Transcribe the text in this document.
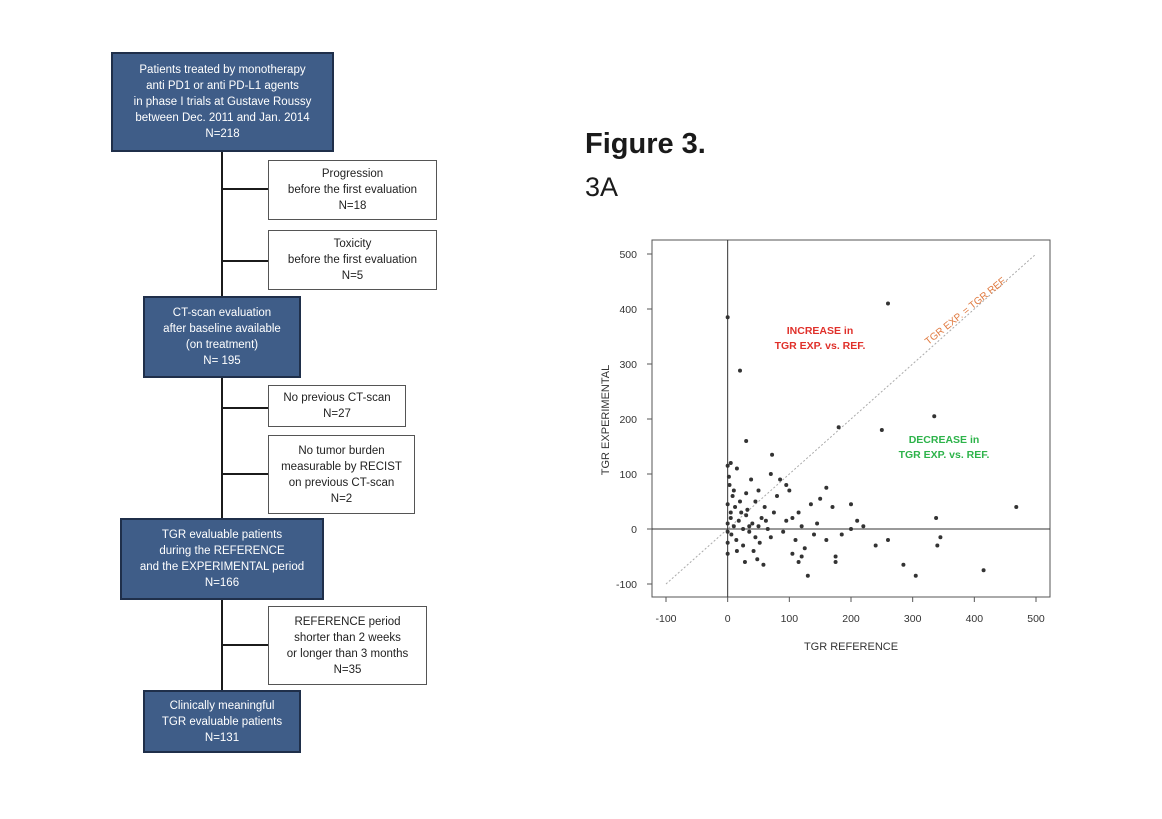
Patients treated by monotherapy
anti PD1 or anti PD-L1 agents
in phase I trials at Gustave Roussy
between Dec. 2011 and Jan. 2014
N=218
CT-scan evaluation
after baseline available
(on treatment)
N= 195
TGR evaluable patients
during the REFERENCE
and the EXPERIMENTAL period
N=166
Clinically meaningful
TGR evaluable patients
N=131
Progression
before the first evaluation
N=18
Toxicity
before the first evaluation
N=5
No previous CT-scan
N=27
No tumor burden
measurable by RECIST
on previous CT-scan
N=2
REFERENCE period
shorter than 2 weeks
or longer than 3 months
N=35
Figure 3.
3A
-100	0	100	200	300	400	500
-100
0
100
200
300
400
500
TGR REFERENCE
TGR EXPERIMENTAL
TGR EXP. = TGR REF.
INCREASE in
TGR EXP. vs. REF.
DECREASE in
TGR EXP. vs. REF.
